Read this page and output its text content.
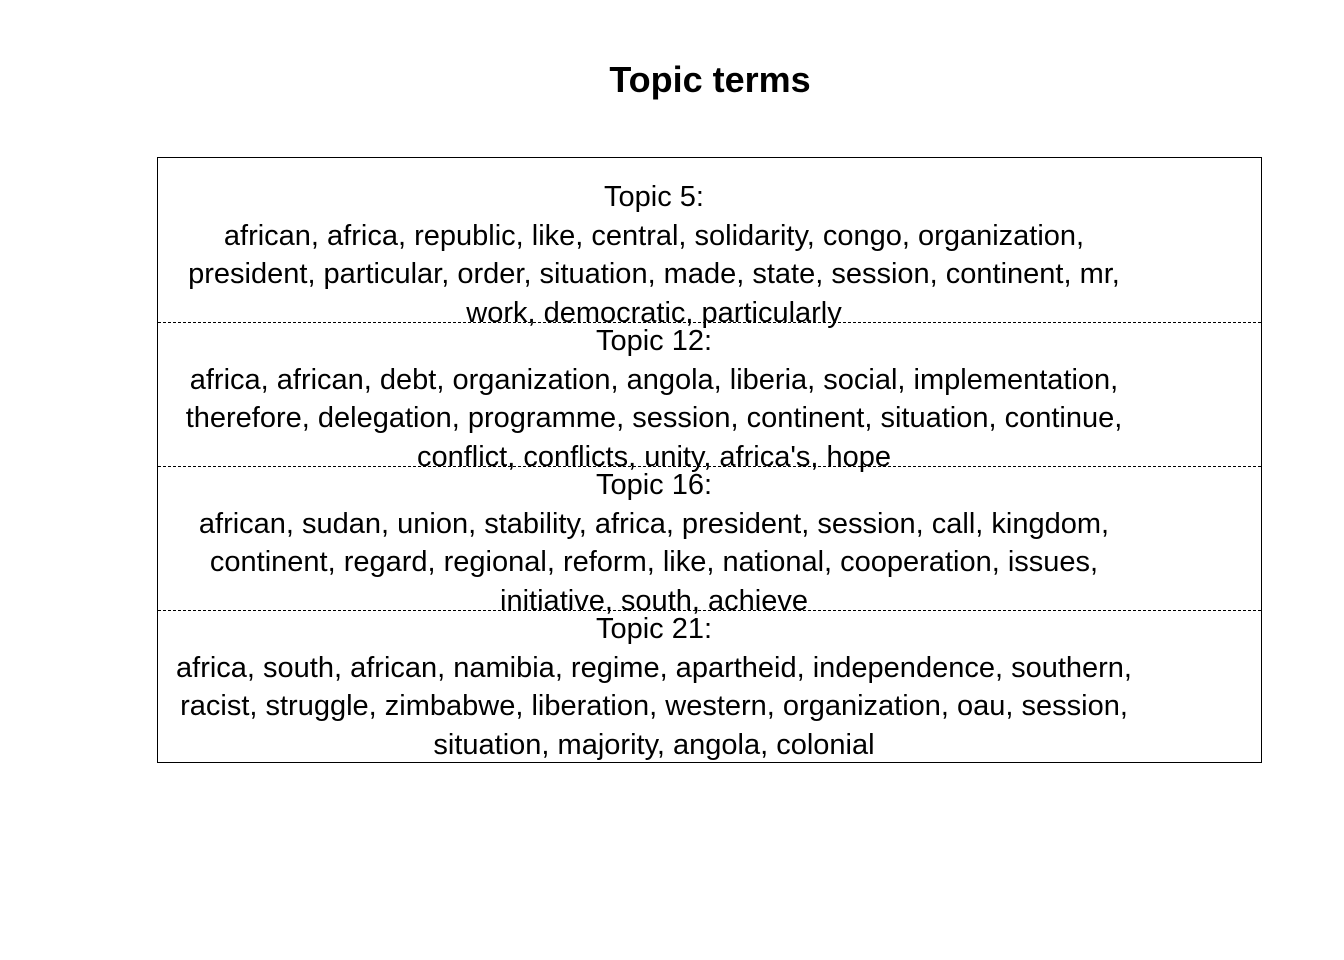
Topic terms
Topic 5:
african, africa, republic, like, central, solidarity, congo, organization,
president, particular, order, situation, made, state, session, continent, mr,
work, democratic, particularly
Topic 12:
africa, african, debt, organization, angola, liberia, social, implementation,
therefore, delegation, programme, session, continent, situation, continue,
conflict, conflicts, unity, africa's, hope
Topic 16:
african, sudan, union, stability, africa, president, session, call, kingdom,
continent, regard, regional, reform, like, national, cooperation, issues,
initiative, south, achieve
Topic 21:
africa, south, african, namibia, regime, apartheid, independence, southern,
racist, struggle, zimbabwe, liberation, western, organization, oau, session,
situation, majority, angola, colonial
